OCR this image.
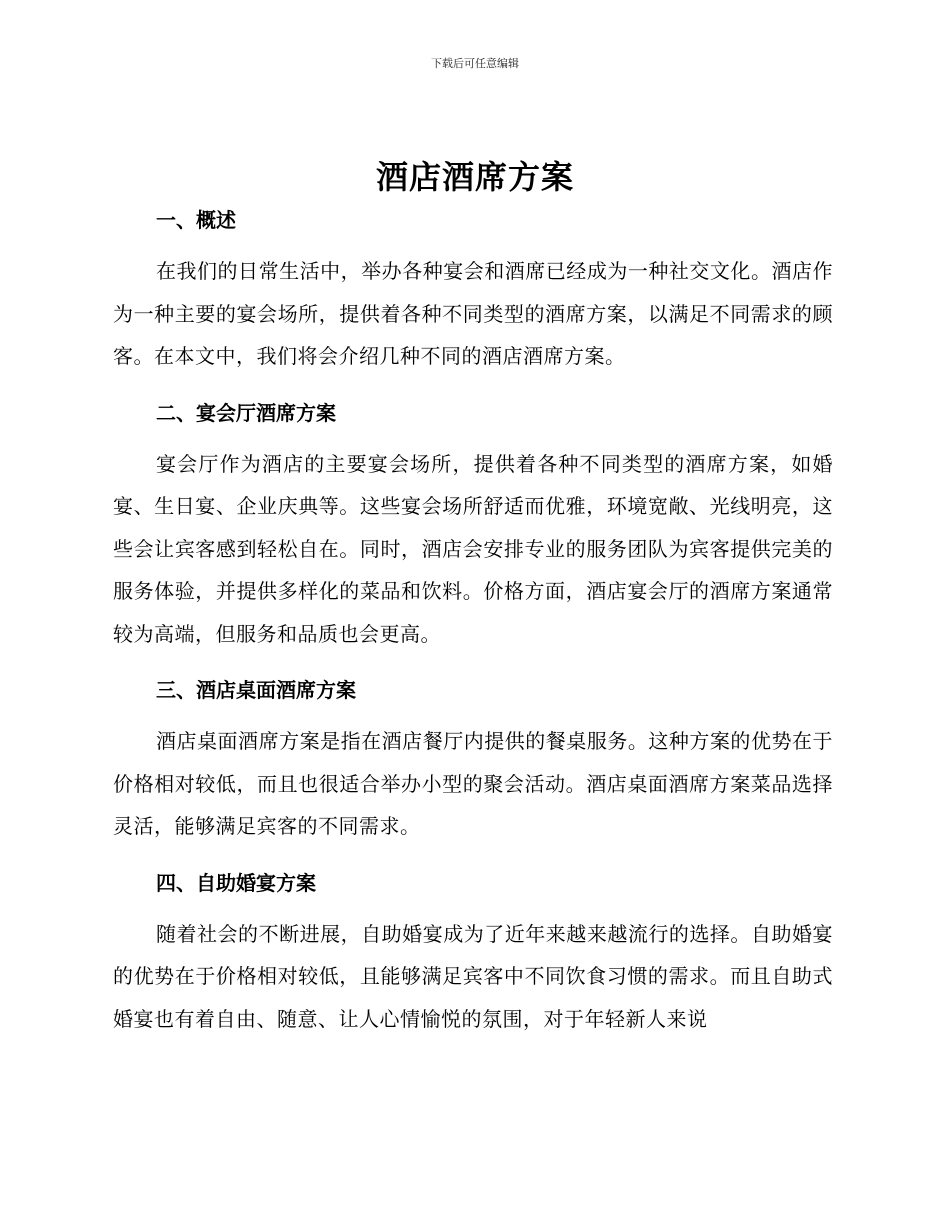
下载后可任意编辑
酒店酒席方案
一、概述

在我们的日常生活中，举办各种宴会和酒席已经成为一种社交文化。酒店作为一种主要的宴会场所，提供着各种不同类型的酒席方案，以满足不同需求的顾客。在本文中，我们将会介绍几种不同的酒店酒席方案。

二、宴会厅酒席方案

宴会厅作为酒店的主要宴会场所，提供着各种不同类型的酒席方案，如婚宴、生日宴、企业庆典等。这些宴会场所舒适而优雅，环境宽敞、光线明亮，这些会让宾客感到轻松自在。同时，酒店会安排专业的服务团队为宾客提供完美的服务体验，并提供多样化的菜品和饮料。价格方面，酒店宴会厅的酒席方案通常较为高端，但服务和品质也会更高。

三、酒店桌面酒席方案

酒店桌面酒席方案是指在酒店餐厅内提供的餐桌服务。这种方案的优势在于价格相对较低，而且也很适合举办小型的聚会活动。酒店桌面酒席方案菜品选择灵活，能够满足宾客的不同需求。

四、自助婚宴方案

随着社会的不断进展，自助婚宴成为了近年来越来越流行的选择。自助婚宴的优势在于价格相对较低，且能够满足宾客中不同饮食习惯的需求。而且自助式婚宴也有着自由、随意、让人心情愉悦的氛围，对于年轻新人来说
